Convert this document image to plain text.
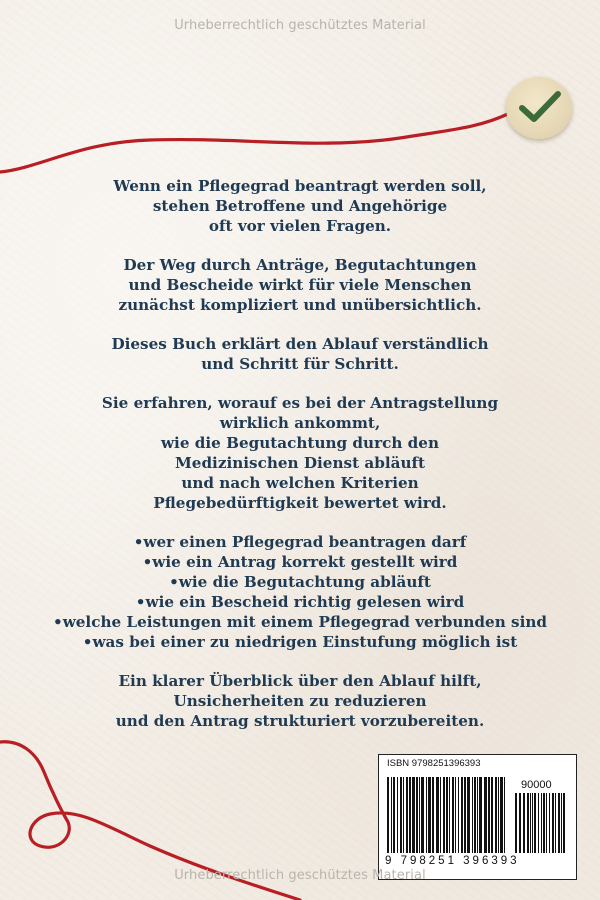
Urheberrechtlich geschütztes Material

Wenn ein Pflegegrad beantragt werden soll,
stehen Betroffene und Angehörige
oft vor vielen Fragen.

Der Weg durch Anträge, Begutachtungen
und Bescheide wirkt für viele Menschen
zunächst kompliziert und unübersichtlich.

Dieses Buch erklärt den Ablauf verständlich
und Schritt für Schritt.

Sie erfahren, worauf es bei der Antragstellung
wirklich ankommt,
wie die Begutachtung durch den
Medizinischen Dienst abläuft
und nach welchen Kriterien
Pflegebedürftigkeit bewertet wird.

• wer einen Pflegegrad beantragen darf
• wie ein Antrag korrekt gestellt wird
• wie die Begutachtung abläuft
• wie ein Bescheid richtig gelesen wird
• welche Leistungen mit einem Pflegegrad verbunden sind
• was bei einer zu niedrigen Einstufung möglich ist

Ein klarer Überblick über den Ablauf hilft,
Unsicherheiten zu reduzieren
und den Antrag strukturiert vorzubereiten.

ISBN 9798251396393
90000
9 798251 396393
Urheberrechtlich geschütztes Material
